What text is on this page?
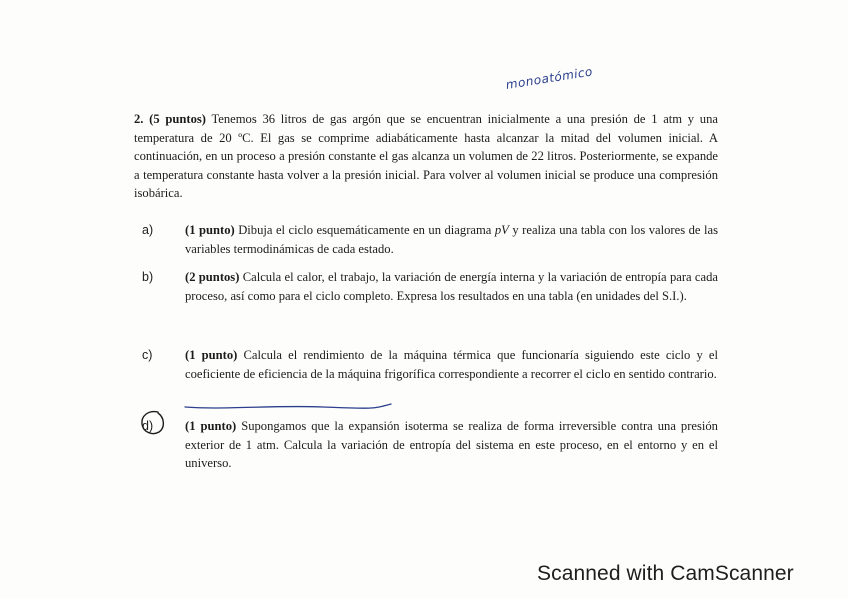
monoatómico
2. (5 puntos) Tenemos 36 litros de gas argón que se encuentran inicialmente a una presión de 1 atm y una temperatura de 20 ºC. El gas se comprime adiabáticamente hasta alcanzar la mitad del volumen inicial. A continuación, en un proceso a presión constante el gas alcanza un volumen de 22 litros. Posteriormente, se expande a temperatura constante hasta volver a la presión inicial. Para volver al volumen inicial se produce una compresión isobárica.
a)	(1 punto) Dibuja el ciclo esquemáticamente en un diagrama pV y realiza una tabla con los valores de las variables termodinámicas de cada estado.
b)	(2 puntos) Calcula el calor, el trabajo, la variación de energía interna y la variación de entropía para cada proceso, así como para el ciclo completo. Expresa los resultados en una tabla (en unidades del S.I.).
c)	(1 punto) Calcula el rendimiento de la máquina térmica que funcionaría siguiendo este ciclo y el coeficiente de eficiencia de la máquina frigorífica correspondiente a recorrer el ciclo en sentido contrario.
d)	(1 punto) Supongamos que la expansión isoterma se realiza de forma irreversible contra una presión exterior de 1 atm. Calcula la variación de entropía del sistema en este proceso, en el entorno y en el universo.
Scanned with CamScanner
